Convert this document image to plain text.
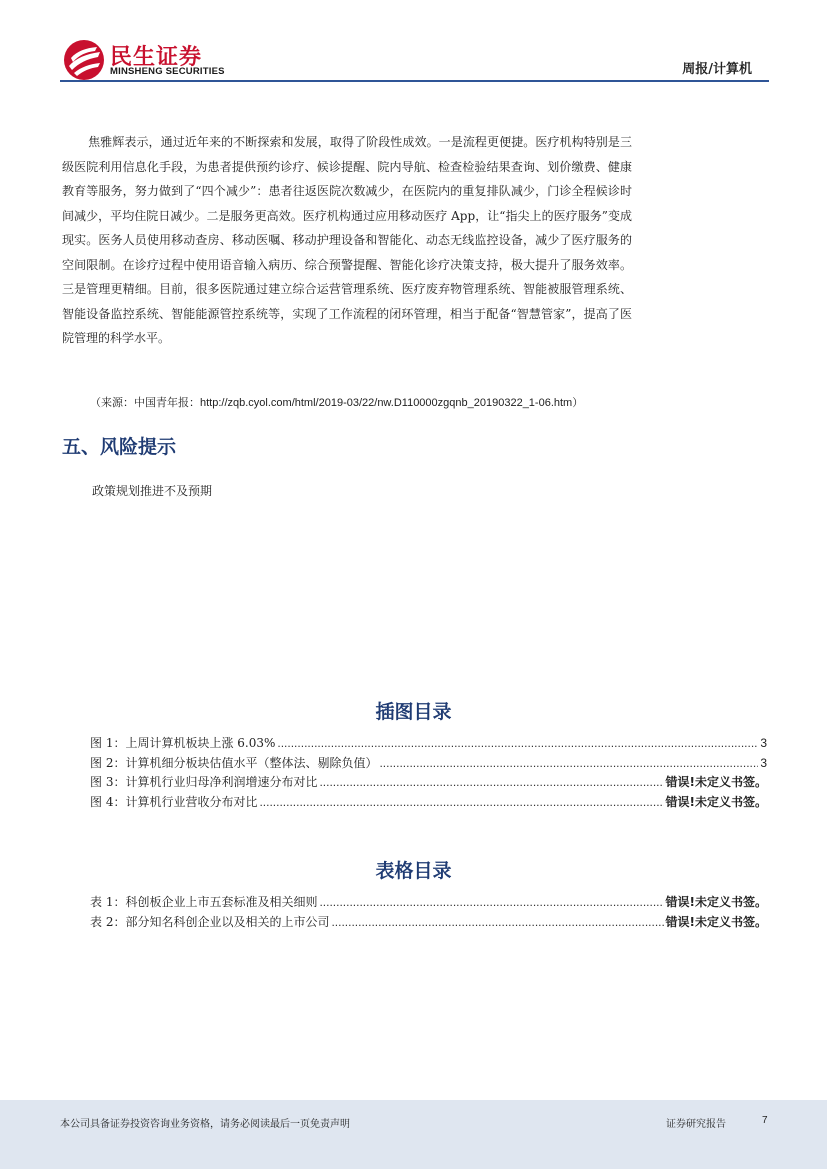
民生证券
MINSHENG SECURITIES	周报/计算机
焦雅辉表示，通过近年来的不断探索和发展，取得了阶段性成效。一是流程更便捷。医疗机构特别是三级医院利用信息化手段，为患者提供预约诊疗、候诊提醒、院内导航、检查检验结果查询、划价缴费、健康教育等服务，努力做到了“四个减少”：患者往返医院次数减少，在医院内的重复排队减少，门诊全程候诊时间减少，平均住院日减少。二是服务更高效。医疗机构通过应用移动医疗 App，让“指尖上的医疗服务”变成现实。医务人员使用移动查房、移动医嘱、移动护理设备和智能化、动态无线监控设备，减少了医疗服务的空间限制。在诊疗过程中使用语音输入病历、综合预警提醒、智能化诊疗决策支持，极大提升了服务效率。三是管理更精细。目前，很多医院通过建立综合运营管理系统、医疗废弃物管理系统、智能被服管理系统、智能设备监控系统、智能能源管控系统等，实现了工作流程的闭环管理，相当于配备“智慧管家”，提高了医院管理的科学水平。
（来源：中国青年报：http://zqb.cyol.com/html/2019-03/22/nw.D110000zgqnb_20190322_1-06.htm）
五、风险提示
政策规划推进不及预期
插图目录
图 1：上周计算机板块上涨 6.03% .....	3
图 2：计算机细分板块估值水平（整体法、剔除负值） .....	3
图 3：计算机行业归母净利润增速分布对比 .....	错误!未定义书签。
图 4：计算机行业营收分布对比 .....	错误!未定义书签。
表格目录
表 1：科创板企业上市五套标准及相关细则 .....	错误!未定义书签。
表 2：部分知名科创企业以及相关的上市公司 .....	错误!未定义书签。
本公司具备证券投资咨询业务资格，请务必阅读最后一页免责声明	证券研究报告	7
